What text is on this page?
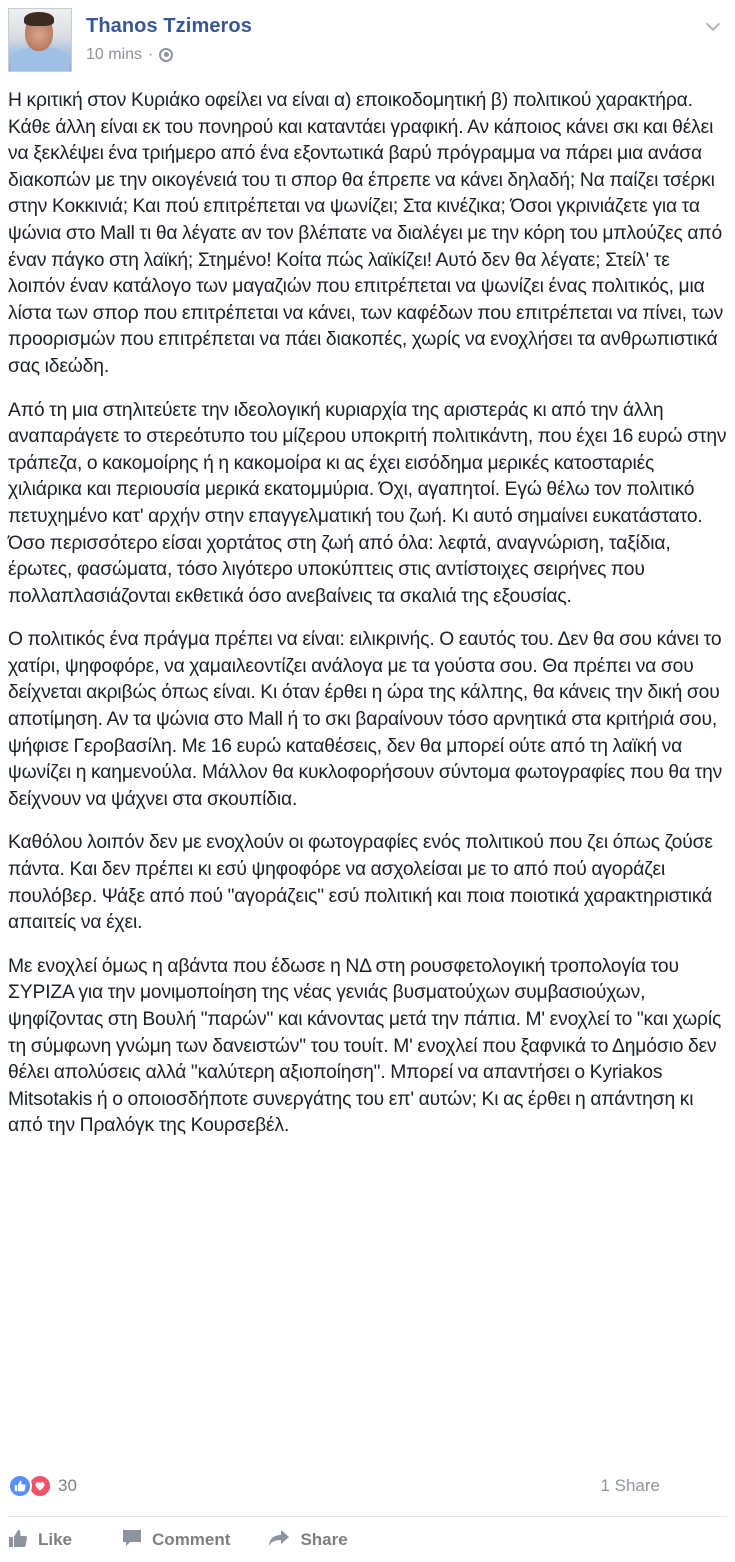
Thanos Tzimeros
10 mins ·

Η κριτική στον Κυριάκο οφείλει να είναι α) εποικοδομητική β) πολιτικού χαρακτήρα. Κάθε άλλη είναι εκ του πονηρού και καταντάει γραφική. Αν κάποιος κάνει σκι και θέλει να ξεκλέψει ένα τριήμερο από ένα εξοντωτικά βαρύ πρόγραμμα να πάρει μια ανάσα διακοπών με την οικογένειά του τι σπορ θα έπρεπε να κάνει δηλαδή; Να παίζει τσέρκι στην Κοκκινιά; Και πού επιτρέπεται να ψωνίζει; Στα κινέζικα; Όσοι γκρινιάζετε για τα ψώνια στο Mall τι θα λέγατε αν τον βλέπατε να διαλέγει με την κόρη του μπλούζες από έναν πάγκο στη λαϊκή; Στημένο! Κοίτα πώς λαϊκίζει! Αυτό δεν θα λέγατε; Στείλ' τε λοιπόν έναν κατάλογο των μαγαζιών που επιτρέπεται να ψωνίζει ένας πολιτικός, μια λίστα των σπορ που επιτρέπεται να κάνει, των καφέδων που επιτρέπεται να πίνει, των προορισμών που επιτρέπεται να πάει διακοπές, χωρίς να ενοχλήσει τα ανθρωπιστικά σας ιδεώδη.

Από τη μια στηλιτεύετε την ιδεολογική κυριαρχία της αριστεράς κι από την άλλη αναπαράγετε το στερεότυπο του μίζερου υποκριτή πολιτικάντη, που έχει 16 ευρώ στην τράπεζα, ο κακομοίρης ή η κακομοίρα κι ας έχει εισόδημα μερικές κατοσταριές χιλιάρικα και περιουσία μερικά εκατομμύρια. Όχι, αγαπητοί. Εγώ θέλω τον πολιτικό πετυχημένο κατ' αρχήν στην επαγγελματική του ζωή. Κι αυτό σημαίνει ευκατάστατο. Όσο περισσότερο είσαι χορτάτος στη ζωή από όλα: λεφτά, αναγνώριση, ταξίδια, έρωτες, φασώματα, τόσο λιγότερο υποκύπτεις στις αντίστοιχες σειρήνες που πολλαπλασιάζονται εκθετικά όσο ανεβαίνεις τα σκαλιά της εξουσίας.

Ο πολιτικός ένα πράγμα πρέπει να είναι: ειλικρινής. Ο εαυτός του. Δεν θα σου κάνει το χατίρι, ψηφοφόρε, να χαμαιλεοντίζει ανάλογα με τα γούστα σου. Θα πρέπει να σου δείχνεται ακριβώς όπως είναι. Κι όταν έρθει η ώρα της κάλπης, θα κάνεις την δική σου αποτίμηση. Αν τα ψώνια στο Mall ή το σκι βαραίνουν τόσο αρνητικά στα κριτήριά σου, ψήφισε Γεροβασίλη. Με 16 ευρώ καταθέσεις, δεν θα μπορεί ούτε από τη λαϊκή να ψωνίζει η καημενούλα. Μάλλον θα κυκλοφορήσουν σύντομα φωτογραφίες που θα την δείχνουν να ψάχνει στα σκουπίδια.

Καθόλου λοιπόν δεν με ενοχλούν οι φωτογραφίες ενός πολιτικού που ζει όπως ζούσε πάντα. Και δεν πρέπει κι εσύ ψηφοφόρε να ασχολείσαι με το από πού αγοράζει πουλόβερ. Ψάξε από πού "αγοράζεις" εσύ πολιτική και ποια ποιοτικά χαρακτηριστικά απαιτείς να έχει.

Με ενοχλεί όμως η αβάντα που έδωσε η ΝΔ στη ρουσφετολογική τροπολογία του ΣΥΡΙΖΑ για την μονιμοποίηση της νέας γενιάς βυσματούχων συμβασιούχων, ψηφίζοντας στη Βουλή "παρών" και κάνοντας μετά την πάπια. Μ' ενοχλεί το "και χωρίς τη σύμφωνη γνώμη των δανειστών" του τουίτ. Μ' ενοχλεί που ξαφνικά το Δημόσιο δεν θέλει απολύσεις αλλά "καλύτερη αξιοποίηση". Μπορεί να απαντήσει ο Kyriakos Mitsotakis ή ο οποιοσδήποτε συνεργάτης του επ' αυτών; Κι ας έρθει η απάντηση κι από την Πραλόγκ της Κουρσεβέλ.

30	1 Share
Like	Comment	Share
